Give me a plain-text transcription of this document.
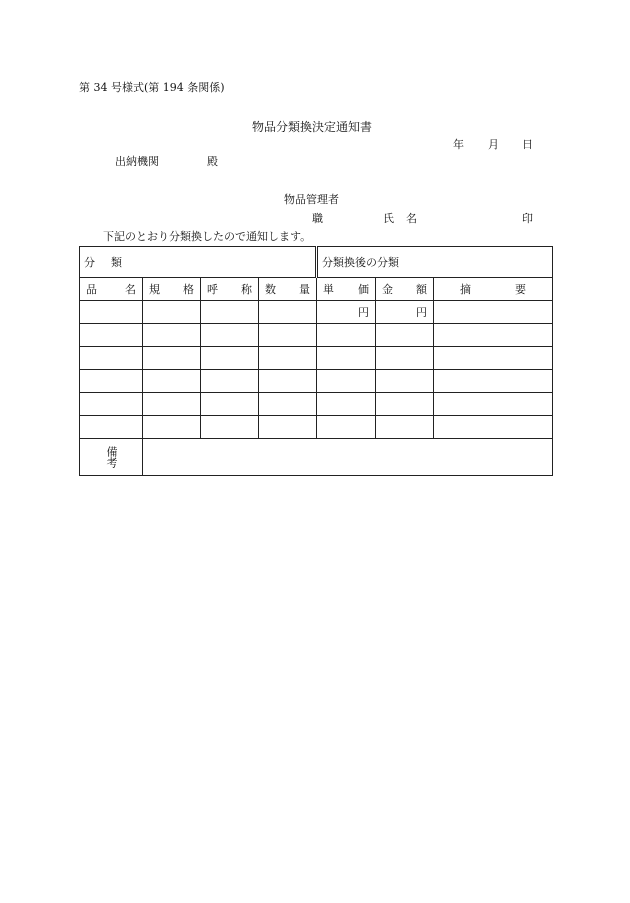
第 34 号様式(第 194 条関係)
物品分類換決定通知書
年 月 日
出納機関	殿
物品管理者
職	氏 名	印
下記のとおり分類換したので通知します。
分 類				分類換後の分類		

品 名	規 格	呼 称	数 量	単 価	金 額	摘 要

				円	円	

備考						
